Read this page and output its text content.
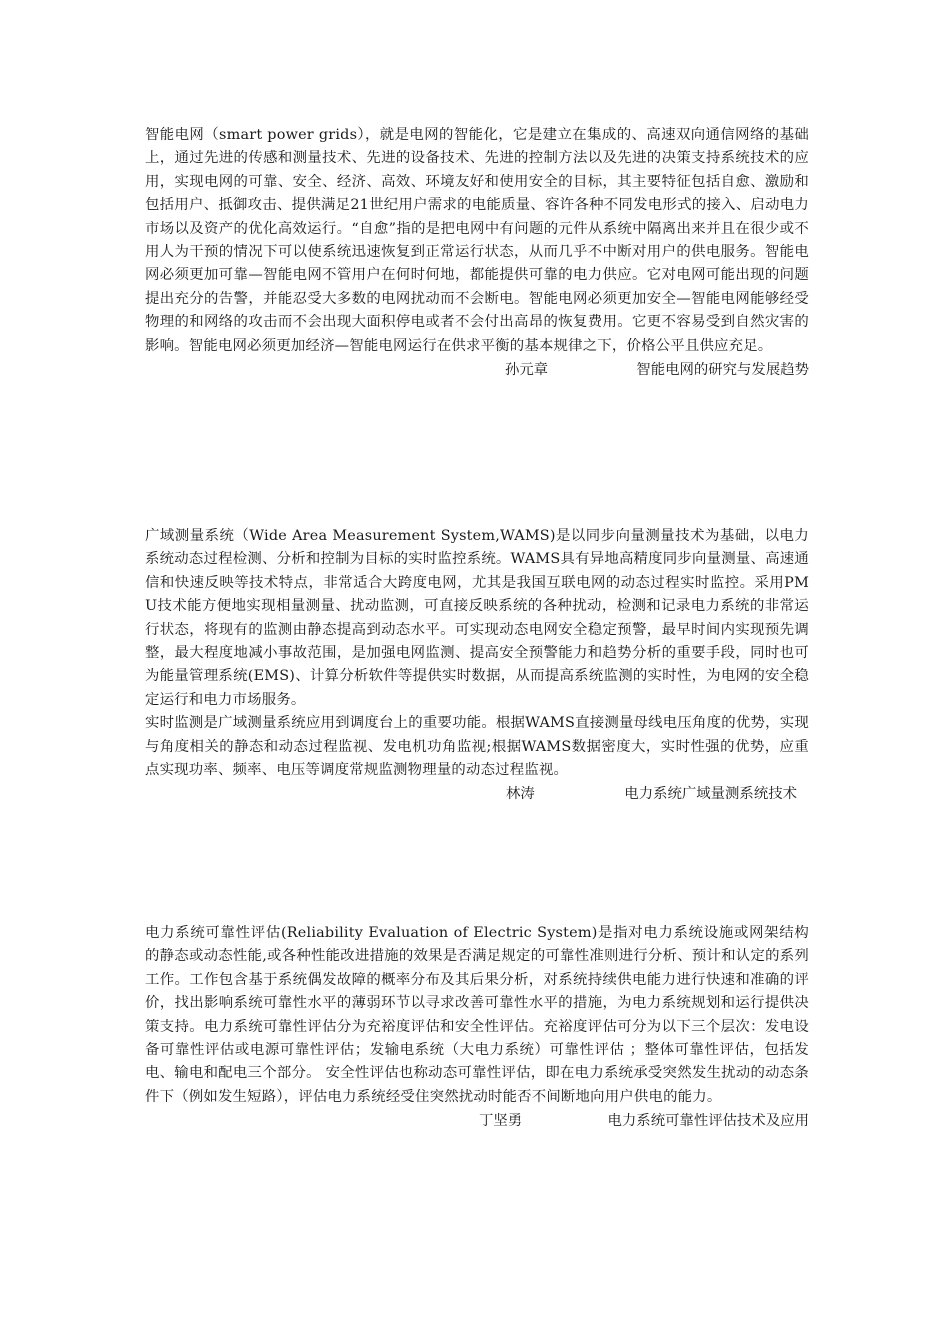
智能电网（smart power grids），就是电网的智能化，它是建立在集成的、高速双向通信网络的基础上，通过先进的传感和测量技术、先进的设备技术、先进的控制方法以及先进的决策支持系统技术的应用，实现电网的可靠、安全、经济、高效、环境友好和使用安全的目标，其主要特征包括自愈、激励和包括用户、抵御攻击、提供满足21世纪用户需求的电能质量、容许各种不同发电形式的接入、启动电力市场以及资产的优化高效运行。“自愈”指的是把电网中有问题的元件从系统中隔离出来并且在很少或不用人为干预的情况下可以使系统迅速恢复到正常运行状态，从而几乎不中断对用户的供电服务。智能电网必须更加可靠—智能电网不管用户在何时何地，都能提供可靠的电力供应。它对电网可能出现的问题提出充分的告警，并能忍受大多数的电网扰动而不会断电。智能电网必须更加安全—智能电网能够经受物理的和网络的攻击而不会出现大面积停电或者不会付出高昂的恢复费用。它更不容易受到自然灾害的影响。智能电网必须更加经济—智能电网运行在供求平衡的基本规律之下，价格公平且供应充足。

孙元章	智能电网的研究与发展趋势

广域测量系统（Wide Area Measurement System,WAMS)是以同步向量测量技术为基础，以电力系统动态过程检测、分析和控制为目标的实时监控系统。WAMS具有异地高精度同步向量测量、高速通信和快速反映等技术特点，非常适合大跨度电网，尤其是我国互联电网的动态过程实时监控。采用PMU技术能方便地实现相量测量、扰动监测，可直接反映系统的各种扰动，检测和记录电力系统的非常运行状态，将现有的监测由静态提高到动态水平。可实现动态电网安全稳定预警，最早时间内实现预先调整，最大程度地减小事故范围，是加强电网监测、提高安全预警能力和趋势分析的重要手段，同时也可为能量管理系统(EMS)、计算分析软件等提供实时数据，从而提高系统监测的实时性，为电网的安全稳定运行和电力市场服务。

实时监测是广域测量系统应用到调度台上的重要功能。根据WAMS直接测量母线电压角度的优势，实现与角度相关的静态和动态过程监视、发电机功角监视;根据WAMS数据密度大，实时性强的优势，应重点实现功率、频率、电压等调度常规监测物理量的动态过程监视。

林涛	电力系统广域量测系统技术

电力系统可靠性评估(Reliability Evaluation of Electric System)是指对电力系统设施或网架结构的静态或动态性能,或各种性能改进措施的效果是否满足规定的可靠性准则进行分析、预计和认定的系列工作。工作包含基于系统偶发故障的概率分布及其后果分析，对系统持续供电能力进行快速和准确的评价，找出影响系统可靠性水平的薄弱环节以寻求改善可靠性水平的措施，为电力系统规划和运行提供决策支持。电力系统可靠性评估分为充裕度评估和安全性评估。充裕度评估可分为以下三个层次：发电设备可靠性评估或电源可靠性评估；发输电系统（大电力系统）可靠性评估 ；整体可靠性评估，包括发电、输电和配电三个部分。 安全性评估也称动态可靠性评估，即在电力系统承受突然发生扰动的动态条件下（例如发生短路），评估电力系统经受住突然扰动时能否不间断地向用户供电的能力。

丁坚勇	电力系统可靠性评估技术及应用
